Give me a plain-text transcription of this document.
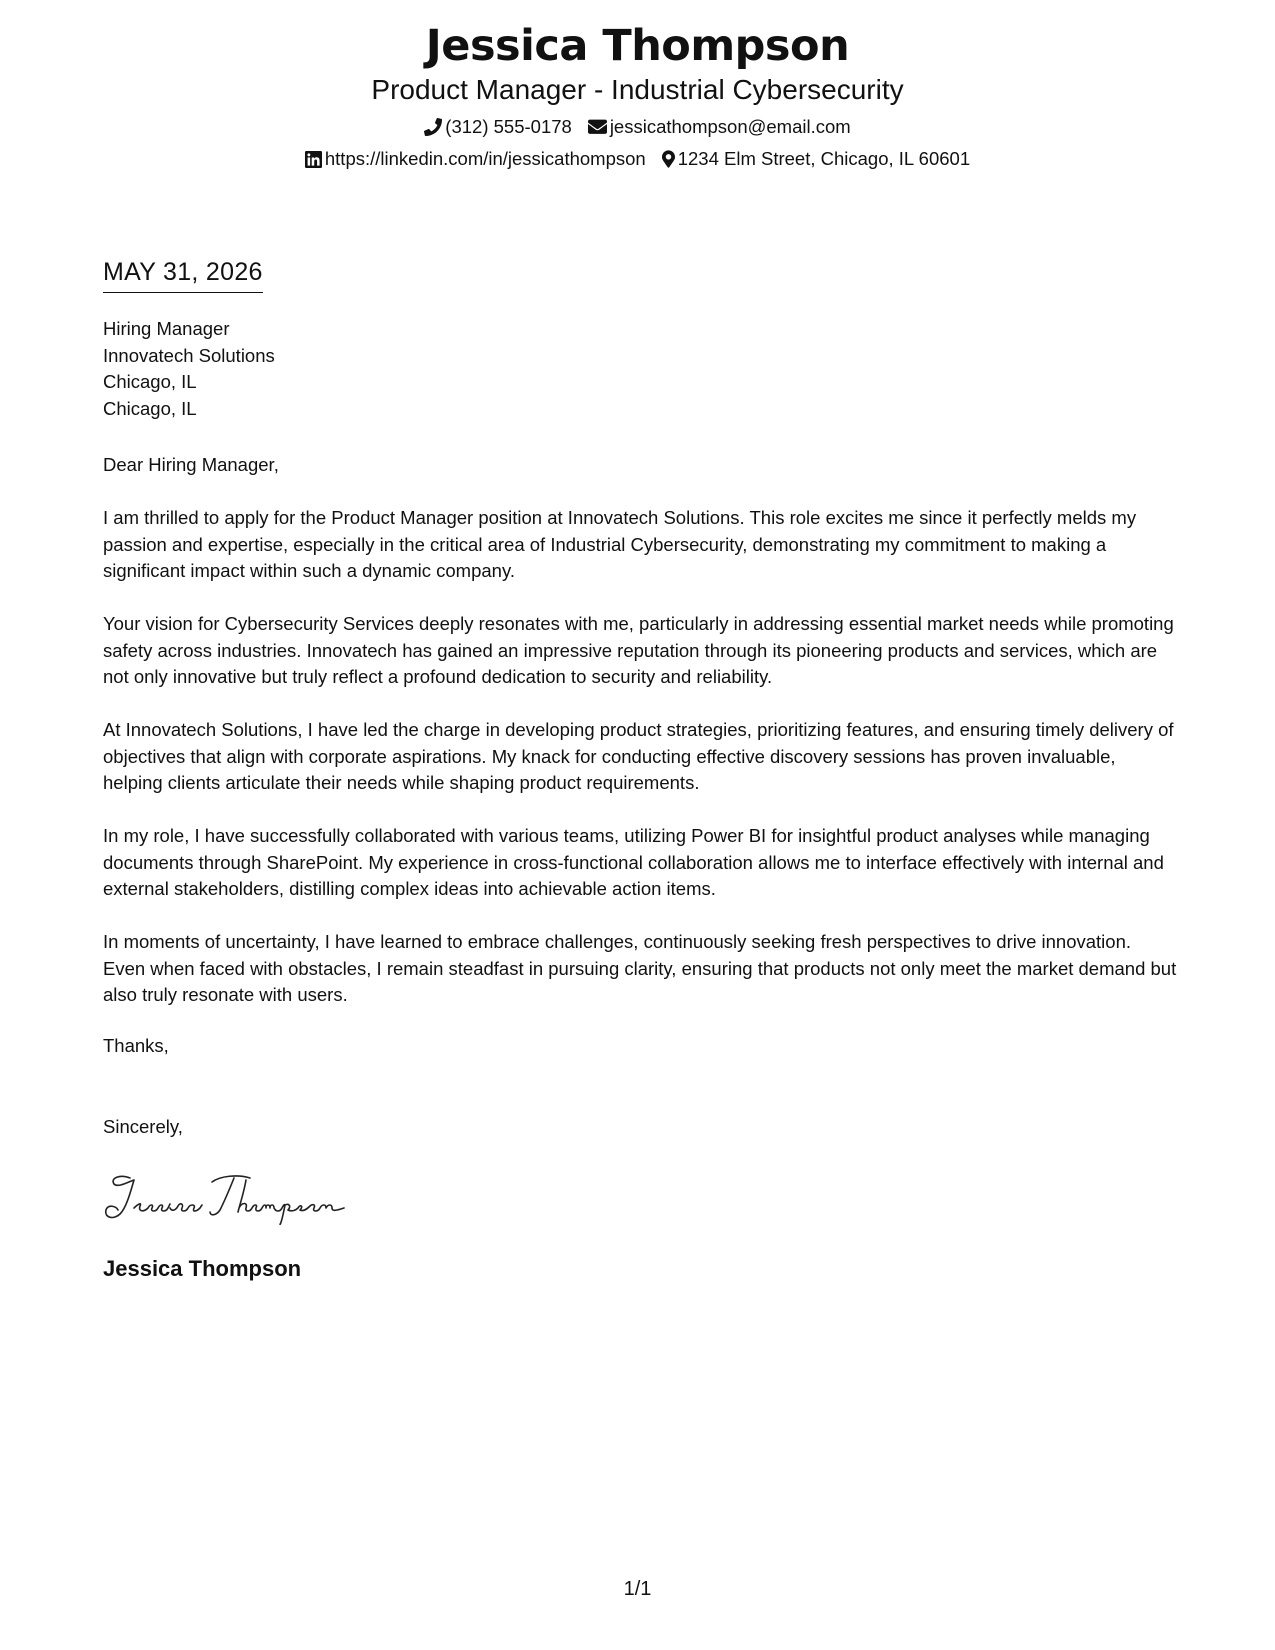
Jessica Thompson
Product Manager - Industrial Cybersecurity
(312) 555-0178 jessicathompson@email.com
https://linkedin.com/in/jessicathompson 1234 Elm Street, Chicago, IL 60601
MAY 31, 2026
Hiring Manager
Innovatech Solutions
Chicago, IL
Chicago, IL

Dear Hiring Manager,

I am thrilled to apply for the Product Manager position at Innovatech Solutions. This role excites me since it perfectly melds my passion and expertise, especially in the critical area of Industrial Cybersecurity, demonstrating my commitment to making a significant impact within such a dynamic company.

Your vision for Cybersecurity Services deeply resonates with me, particularly in addressing essential market needs while promoting safety across industries. Innovatech has gained an impressive reputation through its pioneering products and services, which are not only innovative but truly reflect a profound dedication to security and reliability.

At Innovatech Solutions, I have led the charge in developing product strategies, prioritizing features, and ensuring timely delivery of objectives that align with corporate aspirations. My knack for conducting effective discovery sessions has proven invaluable, helping clients articulate their needs while shaping product requirements.

In my role, I have successfully collaborated with various teams, utilizing Power BI for insightful product analyses while managing documents through SharePoint. My experience in cross-functional collaboration allows me to interface effectively with internal and external stakeholders, distilling complex ideas into achievable action items.

In moments of uncertainty, I have learned to embrace challenges, continuously seeking fresh perspectives to drive innovation. Even when faced with obstacles, I remain steadfast in pursuing clarity, ensuring that products not only meet the market demand but also truly resonate with users.

Thanks,
Sincerely,
Jessica Thompson
1/1
